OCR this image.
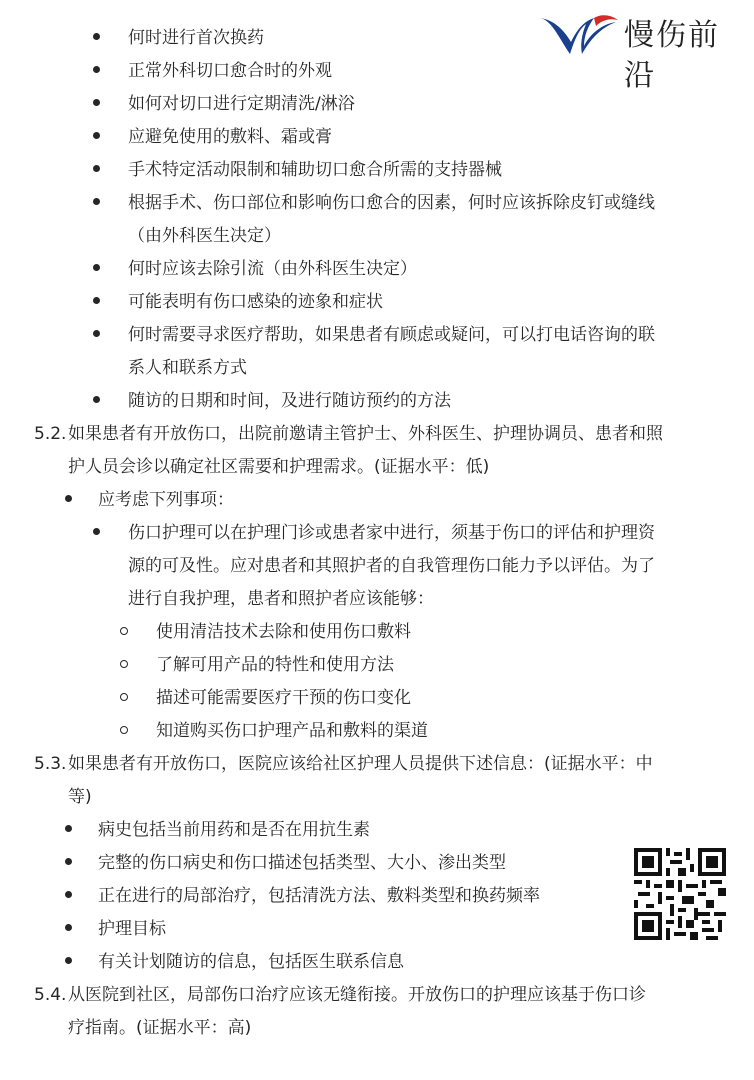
慢伤前沿
何时进行首次换药
正常外科切口愈合时的外观
如何对切口进行定期清洗/淋浴
应避免使用的敷料、霜或膏
手术特定活动限制和辅助切口愈合所需的支持器械
根据手术、伤口部位和影响伤口愈合的因素，何时应该拆除皮钉或缝线
（由外科医生决定）
何时应该去除引流（由外科医生决定）
可能表明有伤口感染的迹象和症状
何时需要寻求医疗帮助，如果患者有顾虑或疑问，可以打电话咨询的联
系人和联系方式
随访的日期和时间，及进行随访预约的方法
5.2. 如果患者有开放伤口，出院前邀请主管护士、外科医生、护理协调员、患者和照
护人员会诊以确定社区需要和护理需求。(证据水平：低)
应考虑下列事项：
伤口护理可以在护理门诊或患者家中进行，须基于伤口的评估和护理资
源的可及性。应对患者和其照护者的自我管理伤口能力予以评估。为了
进行自我护理，患者和照护者应该能够：
使用清洁技术去除和使用伤口敷料
了解可用产品的特性和使用方法
描述可能需要医疗干预的伤口变化
知道购买伤口护理产品和敷料的渠道
5.3. 如果患者有开放伤口，医院应该给社区护理人员提供下述信息：(证据水平：中
等)
病史包括当前用药和是否在用抗生素
完整的伤口病史和伤口描述包括类型、大小、渗出类型
正在进行的局部治疗，包括清洗方法、敷料类型和换药频率
护理目标
有关计划随访的信息，包括医生联系信息
5.4. 从医院到社区，局部伤口治疗应该无缝衔接。开放伤口的护理应该基于伤口诊
疗指南。(证据水平：高)
